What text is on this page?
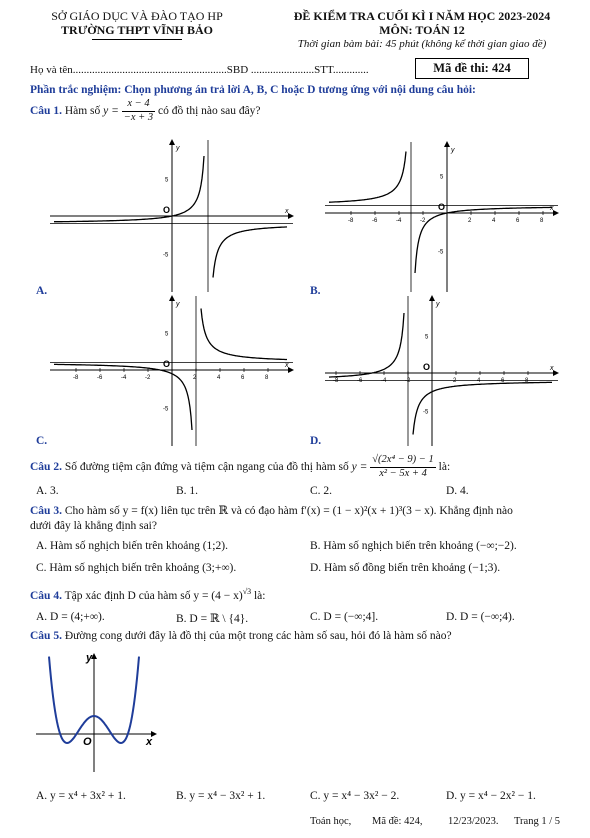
SỞ GIÁO DỤC VÀ ĐÀO TẠO HP
TRƯỜNG THPT VĨNH BẢO
ĐỀ KIỂM TRA CUỐI KÌ I NĂM HỌC 2023-2024
MÔN: TOÁN 12
Thời gian bàm bài: 45 phút (không kể thời gian giao đề)
Họ và tên........................................................SBD .......................STT.............	Mã đề thi: 424
Phần trắc nghiệm: Chọn phương án trả lời A, B, C hoặc D tương ứng với nội dung câu hỏi:
Câu 1. Hàm số $y = \frac{x - 4}{-x + 3}$ có đồ thị nào sau đây?
y
x
O
5
-5
y
x
O
5
-5
-8	-6	-4	-2	2	4	6	8
y
x
O
5
-5
-8	-6	-4	-2	2	4	6	8
y
x
O
5
-5
-8	-6	-4	-2	2	4	6	8
A.	B.
C.	D.
Câu 2. Số đường tiệm cận đứng và tiệm cận ngang của đồ thị hàm số $y = \frac{\text{√(2x⁴ − 9) − 1}}{\text{x² − 5x + 4}}$ là:
A. 3.	B. 1.	C. 2.	D. 4.
Câu 3. Cho hàm số y = f(x) liên tục trên ℝ và có đạo hàm f′(x) = (1 − x)²(x + 1)³(3 − x). Khẳng định nào
dưới đây là khẳng định sai?
A. Hàm số nghịch biến trên khoảng (1;2).	B. Hàm số nghịch biến trên khoảng (−∞;−2).
C. Hàm số nghịch biến trên khoảng (3;+∞).	D. Hàm số đồng biến trên khoảng (−1;3).
Câu 4. Tập xác định D của hàm số $y = (4 - x)^{√3}$ là:
A. D = (4;+∞).	B. D = ℝ \ {4}.	C. D = (−∞;4].	D. D = (−∞;4).
Câu 5. Đường cong dưới đây là đồ thị của một trong các hàm số sau, hỏi đó là hàm số nào?
y
x
O
A. y = x⁴ + 3x² + 1.	B. y = x⁴ − 3x² + 1.	C. y = x⁴ − 3x² − 2.	D. y = x⁴ − 2x² − 1.
Toán học, Mã đề: 424, 12/23/2023. Trang 1 / 5
